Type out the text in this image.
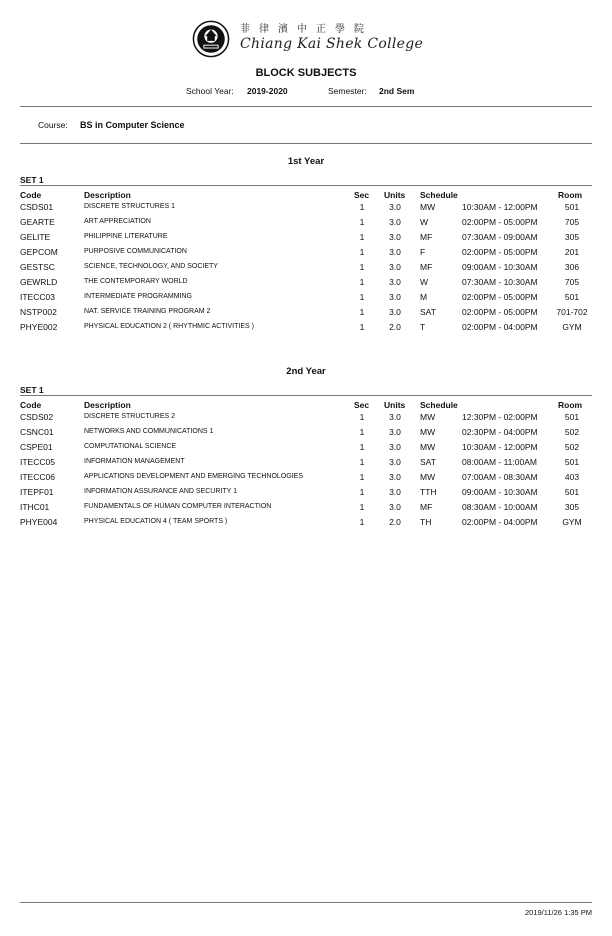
菲律濱中正學院
Chiang Kai Shek College
BLOCK SUBJECTS
School Year: 2019-2020	Semester: 2nd Sem
Course: BS in Computer Science
1st Year
SET 1
Code	Description	Sec Units Schedule	Room
CSDS01	DISCRETE STRUCTURES 1	1	3.0	MW	10:30AM - 12:00PM	501
GEARTE	ART APPRECIATION	1	3.0	W	02:00PM - 05:00PM	705
GELITE	PHILIPPINE LITERATURE	1	3.0	MF	07:30AM - 09:00AM	305
GEPCOM	PURPOSIVE COMMUNICATION	1	3.0	F	02:00PM - 05:00PM	201
GESTSC	SCIENCE, TECHNOLOGY, AND SOCIETY	1	3.0	MF	09:00AM - 10:30AM	306
GEWRLD	THE CONTEMPORARY WORLD	1	3.0	W	07:30AM - 10:30AM	705
ITECC03	INTERMEDIATE PROGRAMMING	1	3.0	M	02:00PM - 05:00PM	501
NSTP002	NAT. SERVICE TRAINING PROGRAM 2	1	3.0	SAT	02:00PM - 05:00PM	701-702
PHYE002	PHYSICAL EDUCATION 2 ( RHYTHMIC ACTIVITIES )	1	2.0	T	02:00PM - 04:00PM	GYM
2nd Year
SET 1
Code	Description	Sec Units Schedule	Room
CSDS02	DISCRETE STRUCTURES 2	1	3.0	MW	12:30PM - 02:00PM	501
CSNC01	NETWORKS AND COMMUNICATIONS 1	1	3.0	MW	02:30PM - 04:00PM	502
CSPE01	COMPUTATIONAL SCIENCE	1	3.0	MW	10:30AM - 12:00PM	502
ITECC05	INFORMATION MANAGEMENT	1	3.0	SAT	08:00AM - 11:00AM	501
ITECC06	APPLICATIONS DEVELOPMENT AND EMERGING TECHNOLOGIES	1	3.0	MW	07:00AM - 08:30AM	403
ITEPF01	INFORMATION ASSURANCE AND SECURITY 1	1	3.0	TTH	09:00AM - 10:30AM	501
ITHC01	FUNDAMENTALS OF HUMAN COMPUTER INTERACTION	1	3.0	MF	08:30AM - 10:00AM	305
PHYE004	PHYSICAL EDUCATION 4 ( TEAM SPORTS )	1	2.0	TH	02:00PM - 04:00PM	GYM
2019/11/26 1:35 PM
